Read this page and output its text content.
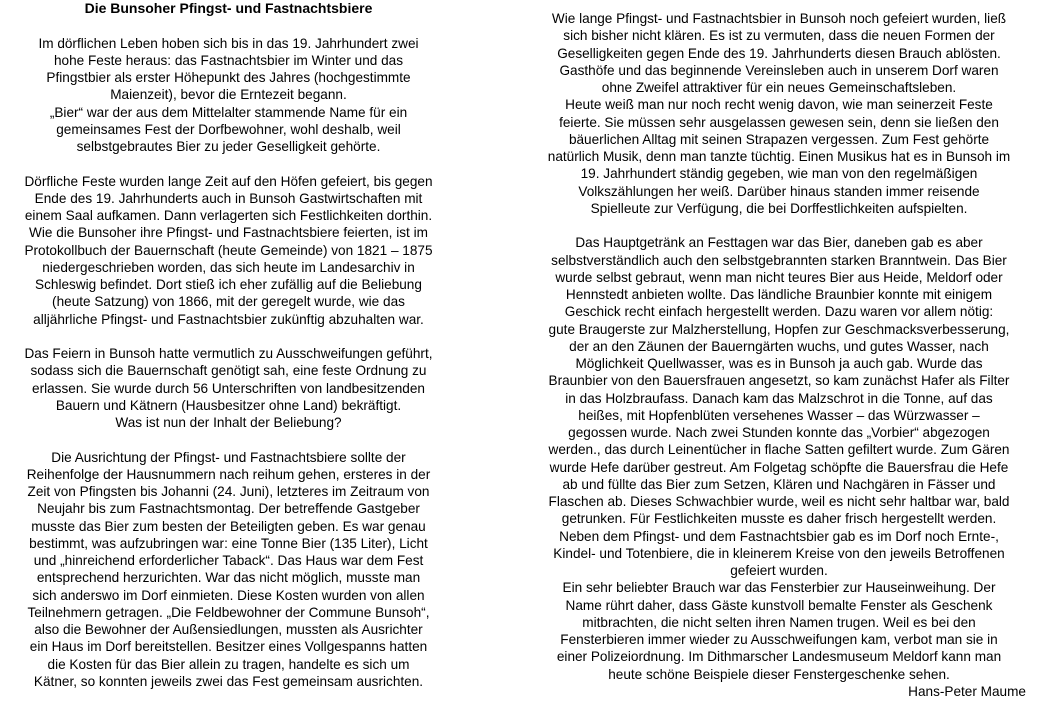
Die Bunsoher Pfingst- und Fastnachtsbiere
Im dörflichen Leben hoben sich bis in das 19. Jahrhundert zwei
hohe Feste heraus: das Fastnachtsbier im Winter und das
Pfingstbier als erster Höhepunkt des Jahres (hochgestimmte
Maienzeit), bevor die Erntezeit begann.
„Bier“ war der aus dem Mittelalter stammende Name für ein
gemeinsames Fest der Dorfbewohner, wohl deshalb, weil
selbstgebrautes Bier zu jeder Geselligkeit gehörte.
Dörfliche Feste wurden lange Zeit auf den Höfen gefeiert, bis gegen
Ende des 19. Jahrhunderts auch in Bunsoh Gastwirtschaften mit
einem Saal aufkamen. Dann verlagerten sich Festlichkeiten dorthin.
Wie die Bunsoher ihre Pfingst- und Fastnachtsbiere feierten, ist im
Protokollbuch der Bauernschaft (heute Gemeinde) von 1821 – 1875
niedergeschrieben worden, das sich heute im Landesarchiv in
Schleswig befindet. Dort stieß ich eher zufällig auf die Beliebung
(heute Satzung) von 1866, mit der geregelt wurde, wie das
alljährliche Pfingst- und Fastnachtsbier zukünftig abzuhalten war.
Das Feiern in Bunsoh hatte vermutlich zu Ausschweifungen geführt,
sodass sich die Bauernschaft genötigt sah, eine feste Ordnung zu
erlassen. Sie wurde durch 56 Unterschriften von landbesitzenden
Bauern und Kätnern (Hausbesitzer ohne Land) bekräftigt.
Was ist nun der Inhalt der Beliebung?
Die Ausrichtung der Pfingst- und Fastnachtsbiere sollte der
Reihenfolge der Hausnummern nach reihum gehen, ersteres in der
Zeit von Pfingsten bis Johanni (24. Juni), letzteres im Zeitraum von
Neujahr bis zum Fastnachtsmontag. Der betreffende Gastgeber
musste das Bier zum besten der Beteiligten geben. Es war genau
bestimmt, was aufzubringen war: eine Tonne Bier (135 Liter), Licht
und „hinreichend erforderlicher Taback“. Das Haus war dem Fest
entsprechend herzurichten. War das nicht möglich, musste man
sich anderswo im Dorf einmieten. Diese Kosten wurden von allen
Teilnehmern getragen. „Die Feldbewohner der Commune Bunsoh“,
also die Bewohner der Außensiedlungen, mussten als Ausrichter
ein Haus im Dorf bereitstellen. Besitzer eines Vollgespanns hatten
die Kosten für das Bier allein zu tragen, handelte es sich um
Kätner, so konnten jeweils zwei das Fest gemeinsam ausrichten.
Wie lange Pfingst- und Fastnachtsbier in Bunsoh noch gefeiert wurden, ließ
sich bisher nicht klären. Es ist zu vermuten, dass die neuen Formen der
Geselligkeiten gegen Ende des 19. Jahrhunderts diesen Brauch ablösten.
Gasthöfe und das beginnende Vereinsleben auch in unserem Dorf waren
ohne Zweifel attraktiver für ein neues Gemeinschaftsleben.
Heute weiß man nur noch recht wenig davon, wie man seinerzeit Feste
feierte. Sie müssen sehr ausgelassen gewesen sein, denn sie ließen den
bäuerlichen Alltag mit seinen Strapazen vergessen. Zum Fest gehörte
natürlich Musik, denn man tanzte tüchtig. Einen Musikus hat es in Bunsoh im
19. Jahrhundert ständig gegeben, wie man von den regelmäßigen
Volkszählungen her weiß. Darüber hinaus standen immer reisende
Spielleute zur Verfügung, die bei Dorffestlichkeiten aufspielten.
Das Hauptgetränk an Festtagen war das Bier, daneben gab es aber
selbstverständlich auch den selbstgebrannten starken Branntwein. Das Bier
wurde selbst gebraut, wenn man nicht teures Bier aus Heide, Meldorf oder
Hennstedt anbieten wollte. Das ländliche Braunbier konnte mit einigem
Geschick recht einfach hergestellt werden. Dazu waren vor allem nötig:
gute Braugerste zur Malzherstellung, Hopfen zur Geschmacksverbesserung,
der an den Zäunen der Bauerngärten wuchs, und gutes Wasser, nach
Möglichkeit Quellwasser, was es in Bunsoh ja auch gab. Wurde das
Braunbier von den Bauersfrauen angesetzt, so kam zunächst Hafer als Filter
in das Holzbraufass. Danach kam das Malzschrot in die Tonne, auf das
heißes, mit Hopfenblüten versehenes Wasser – das Würzwasser –
gegossen wurde. Nach zwei Stunden konnte das „Vorbier“ abgezogen
werden., das durch Leinentücher in flache Satten gefiltert wurde. Zum Gären
wurde Hefe darüber gestreut. Am Folgetag schöpfte die Bauersfrau die Hefe
ab und füllte das Bier zum Setzen, Klären und Nachgären in Fässer und
Flaschen ab. Dieses Schwachbier wurde, weil es nicht sehr haltbar war, bald
getrunken. Für Festlichkeiten musste es daher frisch hergestellt werden.
Neben dem Pfingst- und dem Fastnachtsbier gab es im Dorf noch Ernte-,
Kindel- und Totenbiere, die in kleinerem Kreise von den jeweils Betroffenen
gefeiert wurden.
Ein sehr beliebter Brauch war das Fensterbier zur Hauseinweihung. Der
Name rührt daher, dass Gäste kunstvoll bemalte Fenster als Geschenk
mitbrachten, die nicht selten ihren Namen trugen. Weil es bei den
Fensterbieren immer wieder zu Ausschweifungen kam, verbot man sie in
einer Polizeiordnung. Im Dithmarscher Landesmuseum Meldorf kann man
heute schöne Beispiele dieser Fenstergeschenke sehen.
Hans-Peter Maume
